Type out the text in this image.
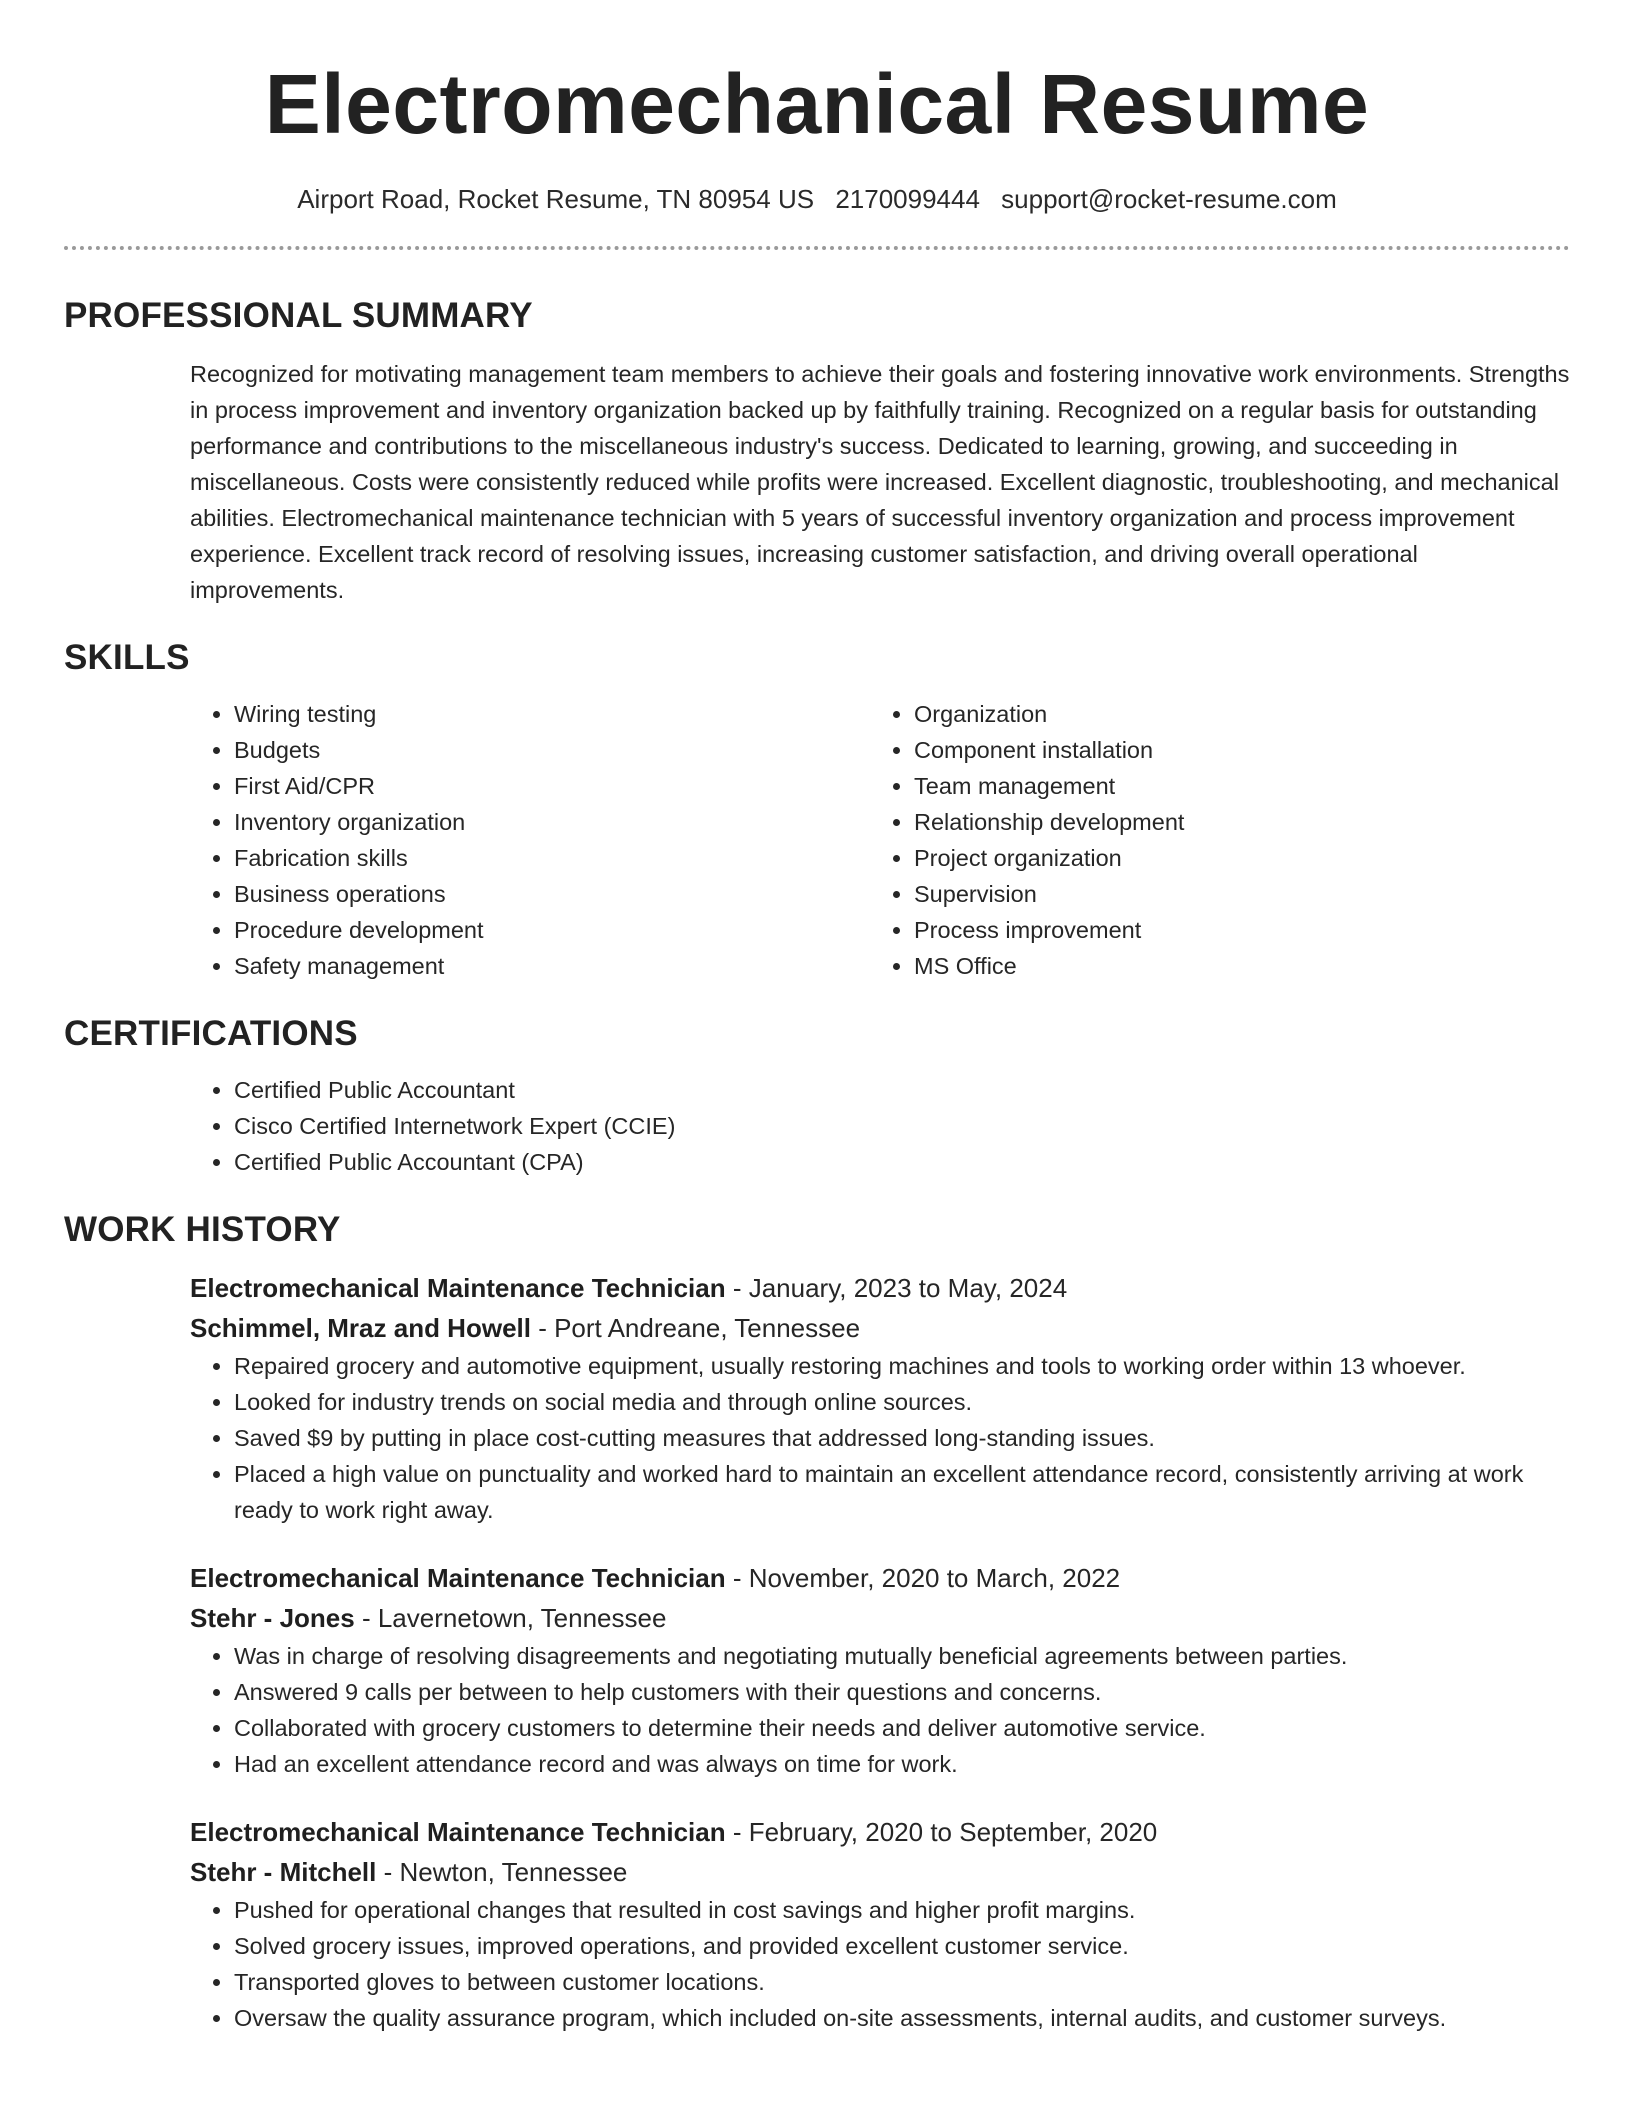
Electromechanical Resume
Airport Road, Rocket Resume, TN 80954 US 2170099444 support@rocket-resume.com
PROFESSIONAL SUMMARY

Recognized for motivating management team members to achieve their goals and fostering innovative work environments. Strengths in process improvement and inventory organization backed up by faithfully training. Recognized on a regular basis for outstanding performance and contributions to the miscellaneous industry's success. Dedicated to learning, growing, and succeeding in miscellaneous. Costs were consistently reduced while profits were increased. Excellent diagnostic, troubleshooting, and mechanical abilities. Electromechanical maintenance technician with 5 years of successful inventory organization and process improvement experience. Excellent track record of resolving issues, increasing customer satisfaction, and driving overall operational improvements.

SKILLS
• Wiring testing
• Budgets
• First Aid/CPR
• Inventory organization
• Fabrication skills
• Business operations
• Procedure development
• Safety management
• Organization
• Component installation
• Team management
• Relationship development
• Project organization
• Supervision
• Process improvement
• MS Office
CERTIFICATIONS
• Certified Public Accountant
• Cisco Certified Internetwork Expert (CCIE)
• Certified Public Accountant (CPA)
WORK HISTORY
Electromechanical Maintenance Technician - January, 2023 to May, 2024
Schimmel, Mraz and Howell - Port Andreane, Tennessee
• Repaired grocery and automotive equipment, usually restoring machines and tools to working order within 13 whoever.
• Looked for industry trends on social media and through online sources.
• Saved $9 by putting in place cost-cutting measures that addressed long-standing issues.
• Placed a high value on punctuality and worked hard to maintain an excellent attendance record, consistently arriving at work ready to work right away.
Electromechanical Maintenance Technician - November, 2020 to March, 2022
Stehr - Jones - Lavernetown, Tennessee
• Was in charge of resolving disagreements and negotiating mutually beneficial agreements between parties.
• Answered 9 calls per between to help customers with their questions and concerns.
• Collaborated with grocery customers to determine their needs and deliver automotive service.
• Had an excellent attendance record and was always on time for work.
Electromechanical Maintenance Technician - February, 2020 to September, 2020
Stehr - Mitchell - Newton, Tennessee
• Pushed for operational changes that resulted in cost savings and higher profit margins.
• Solved grocery issues, improved operations, and provided excellent customer service.
• Transported gloves to between customer locations.
• Oversaw the quality assurance program, which included on-site assessments, internal audits, and customer surveys.
